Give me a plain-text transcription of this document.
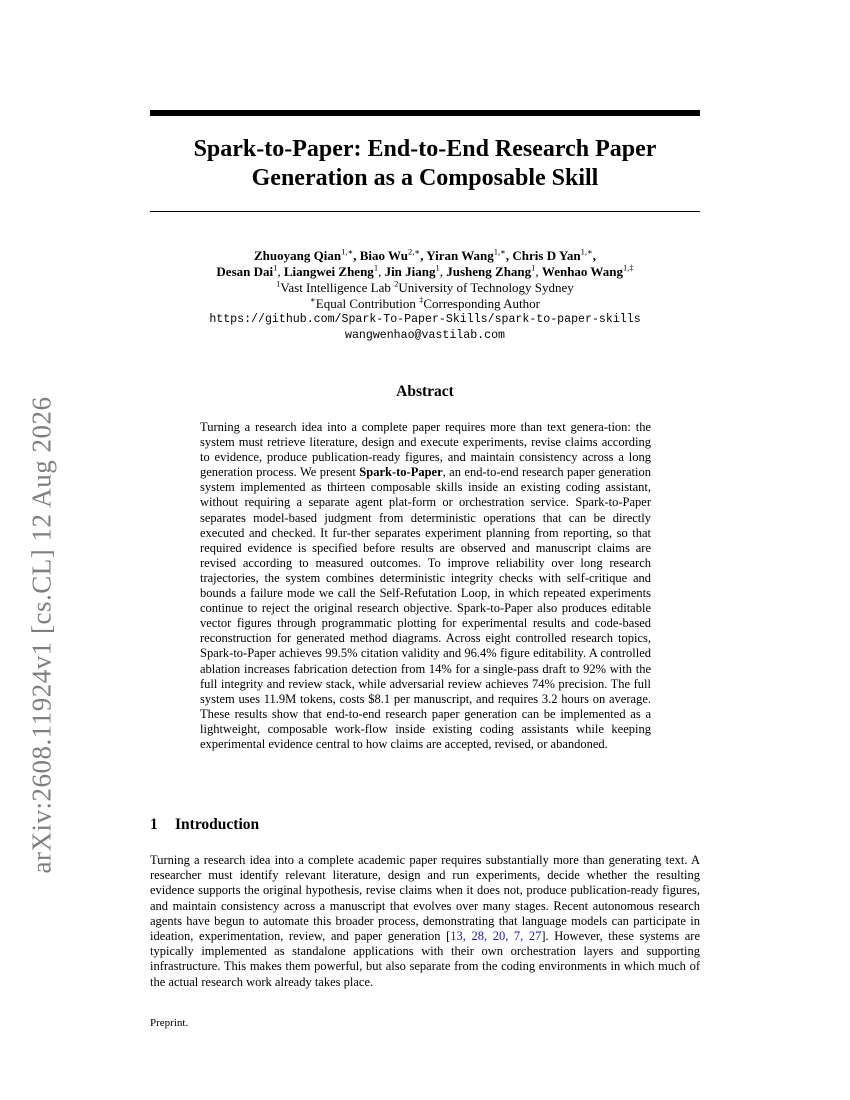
arXiv:2608.11924v1 [cs.CL] 12 Aug 2026
Spark-to-Paper: End-to-End Research Paper
Generation as a Composable Skill
Zhuoyang Qian$^{1,∗}$, Biao $Wu^{2,∗}$, Yiran Wang$^{1,∗}$, Chris D Yan$^{1,∗}$,
Desan Dai$^1$, Liangwei Zheng$^1$, Jin Jiang$^1$, Jusheng Zhang$^1$, Wenhao Wang$^{1,\ddagger}$
$^1$Vast Intelligence Lab $^2$University of Technology Sydney
∗Equal Contribution ‡Corresponding Author
https://github.com/Spark-To-Paper-Skills/spark-to-paper-skills
wangwenhao@vastilab.com
Abstract

Turning a research idea into a complete paper requires more than text genera-tion: the system must retrieve literature, design and execute experiments, revise claims according to evidence, produce publication-ready figures, and maintain consistency across a long generation process. We present Spark-to-Paper, an end-to-end research paper generation system implemented as thirteen composable skills inside an existing coding assistant, without requiring a separate agent plat-form or orchestration service. Spark-to-Paper separates model-based judgment from deterministic operations that can be directly executed and checked. It fur-ther separates experiment planning from reporting, so that required evidence is specified before results are observed and manuscript claims are revised according to measured outcomes. To improve reliability over long research trajectories, the system combines deterministic integrity checks with self-critique and bounds a failure mode we call the Self-Refutation Loop, in which repeated experiments continue to reject the original research objective. Spark-to-Paper also produces editable vector figures through programmatic plotting for experimental results and code-based reconstruction for generated method diagrams. Across eight controlled research topics, Spark-to-Paper achieves 99.5% citation validity and 96.4% figure editability. A controlled ablation increases fabrication detection from 14% for a single-pass draft to 92% with the full integrity and review stack, while adversarial review achieves 74% precision. The full system uses 11.9M tokens, costs $8.1 per manuscript, and requires 3.2 hours on average. These results show that end-to-end research paper generation can be implemented as a lightweight, composable work-flow inside existing coding assistants while keeping experimental evidence central to how claims are accepted, revised, or abandoned.

1 Introduction

Turning a research idea into a complete academic paper requires substantially more than generating text. A researcher must identify relevant literature, design and run experiments, decide whether the resulting evidence supports the original hypothesis, revise claims when it does not, produce publication-ready figures, and maintain consistency across a manuscript that evolves over many stages. Recent autonomous research agents have begun to automate this broader process, demonstrating that language models can participate in ideation, experimentation, review, and paper generation [13, 28, 20, 7, 27]. However, these systems are typically implemented as standalone applications with their own orchestration layers and supporting infrastructure. This makes them powerful, but also separate from the coding environments in which much of the actual research work already takes place.

Preprint.
